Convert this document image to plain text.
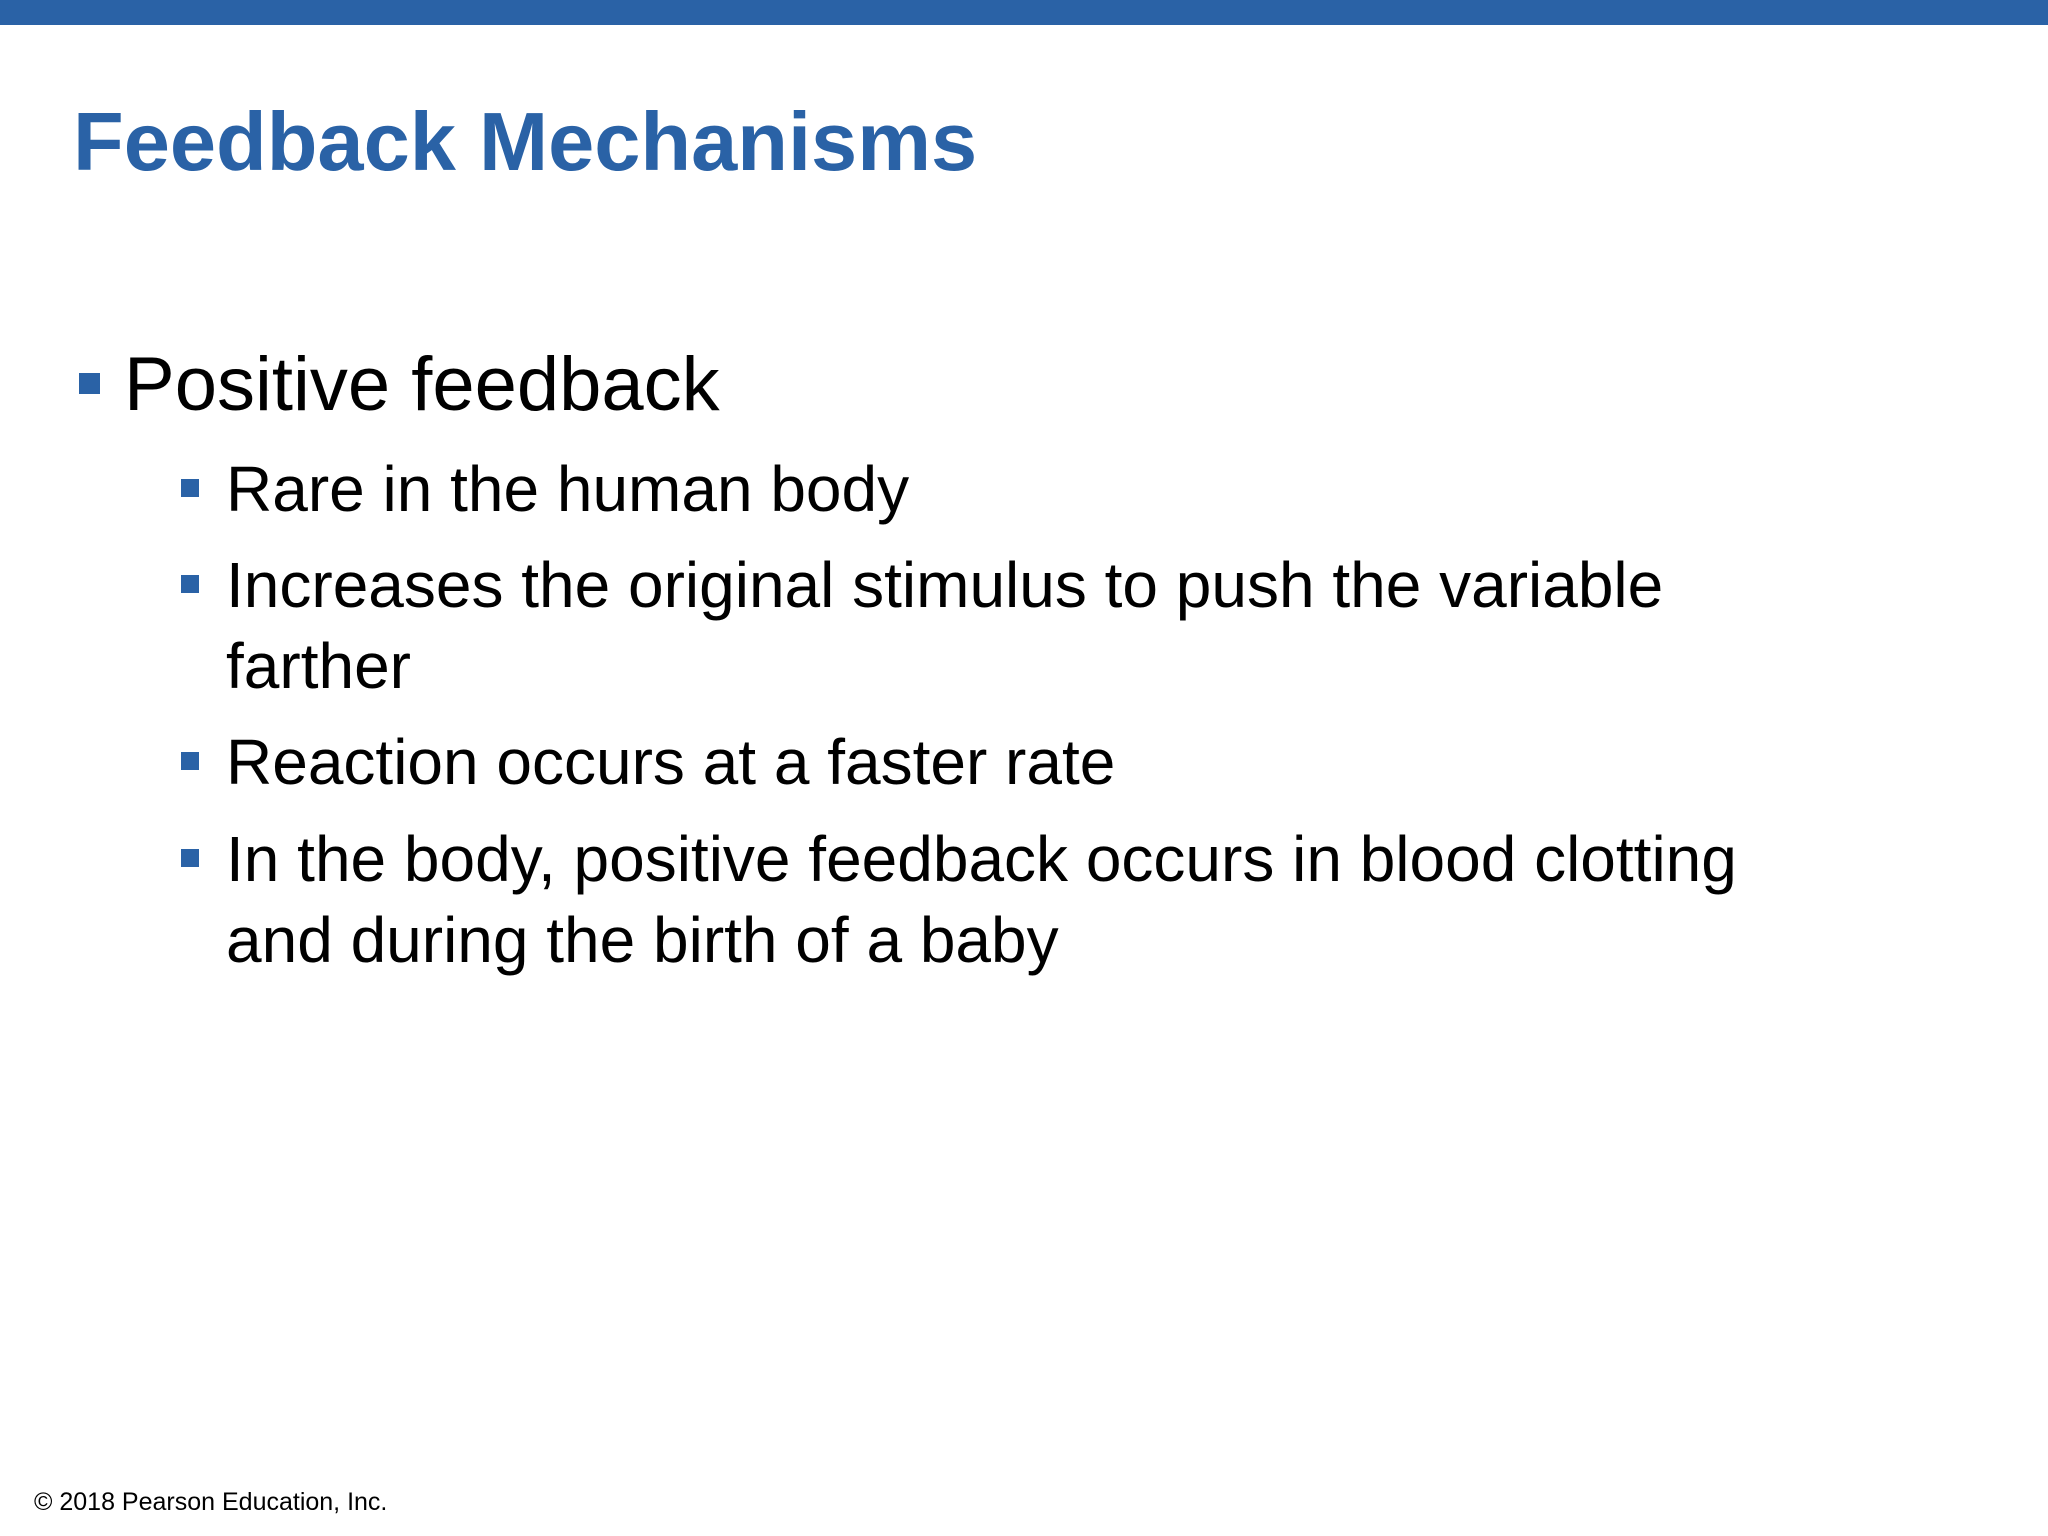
Feedback Mechanisms
Positive feedback
Rare in the human body
Increases the original stimulus to push the variable
farther
Reaction occurs at a faster rate
In the body, positive feedback occurs in blood clotting
and during the birth of a baby
© 2018 Pearson Education, Inc.
